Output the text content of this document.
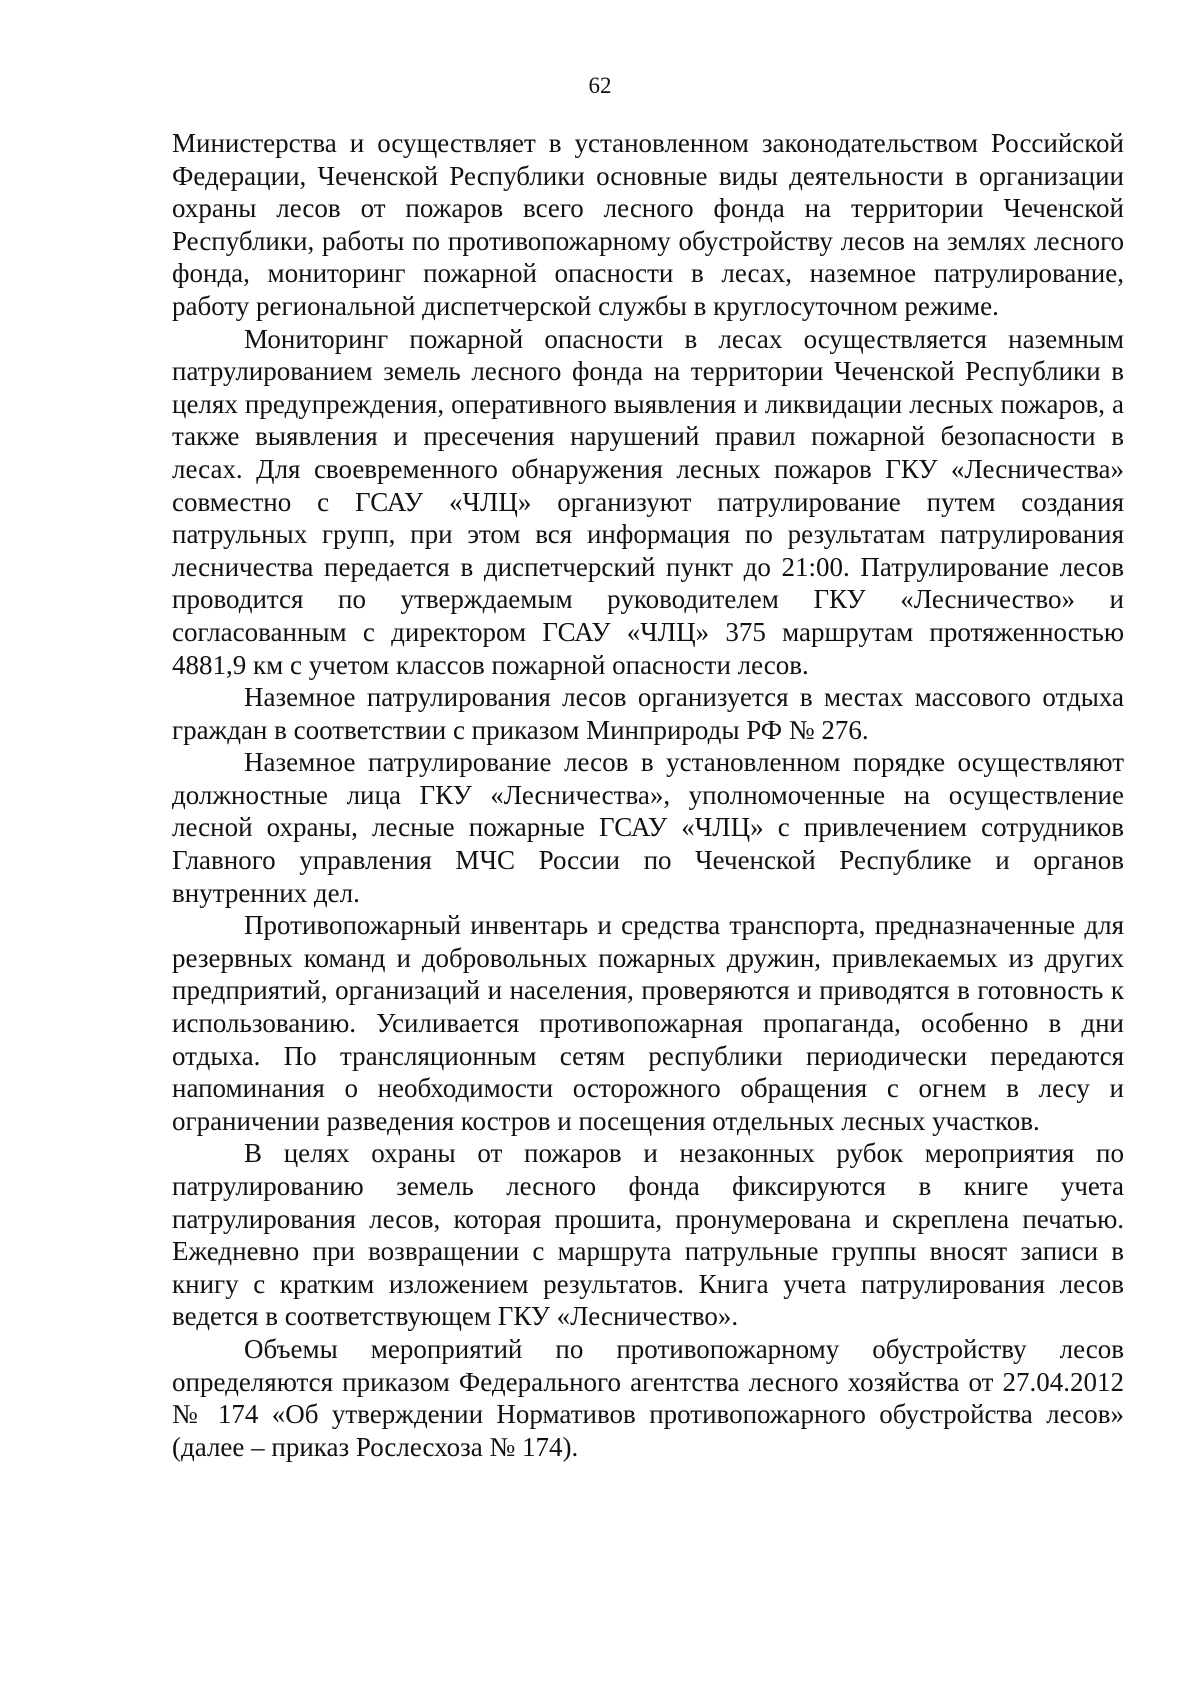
62

Министерства и осуществляет в установленном законодательством Российской Федерации, Чеченской Республики основные виды деятельности в организации охраны лесов от пожаров всего лесного фонда на территории Чеченской Республики, работы по противопожарному обустройству лесов на землях лесного фонда, мониторинг пожарной опасности в лесах, наземное патрулирование, работу региональной диспетчерской службы в круглосуточном режиме.

Мониторинг пожарной опасности в лесах осуществляется наземным патрулированием земель лесного фонда на территории Чеченской Республики в целях предупреждения, оперативного выявления и ликвидации лесных пожаров, а также выявления и пресечения нарушений правил пожарной безопасности в лесах. Для своевременного обнаружения лесных пожаров ГКУ «Лесничества» совместно с ГСАУ «ЧЛЦ» организуют патрулирование путем создания патрульных групп, при этом вся информация по результатам патрулирования лесничества передается в диспетчерский пункт до 21:00. Патрулирование лесов проводится по утверждаемым руководителем ГКУ «Лесничество» и согласованным с директором ГСАУ «ЧЛЦ» 375 маршрутам протяженностью 4881,9 км с учетом классов пожарной опасности лесов.

Наземное патрулирования лесов организуется в местах массового отдыха граждан в соответствии с приказом Минприроды РФ № 276.

Наземное патрулирование лесов в установленном порядке осуществляют должностные лица ГКУ «Лесничества», уполномоченные на осуществление лесной охраны, лесные пожарные ГСАУ «ЧЛЦ» с привлечением сотрудников Главного управления МЧС России по Чеченской Республике и органов внутренних дел.

Противопожарный инвентарь и средства транспорта, предназначенные для резервных команд и добровольных пожарных дружин, привлекаемых из других предприятий, организаций и населения, проверяются и приводятся в готовность к использованию. Усиливается противопожарная пропаганда, особенно в дни отдыха. По трансляционным сетям республики периодически передаются напоминания о необходимости осторожного обращения с огнем в лесу и ограничении разведения костров и посещения отдельных лесных участков.

В целях охраны от пожаров и незаконных рубок мероприятия по патрулированию земель лесного фонда фиксируются в книге учета патрулирования лесов, которая прошита, пронумерована и скреплена печатью. Ежедневно при возвращении с маршрута патрульные группы вносят записи в книгу с кратким изложением результатов. Книга учета патрулирования лесов ведется в соответствующем ГКУ «Лесничество».

Объемы мероприятий по противопожарному обустройству лесов определяются приказом Федерального агентства лесного хозяйства от 27.04.2012 № 174 «Об утверждении Нормативов противопожарного обустройства лесов» (далее – приказ Рослесхоза № 174).
